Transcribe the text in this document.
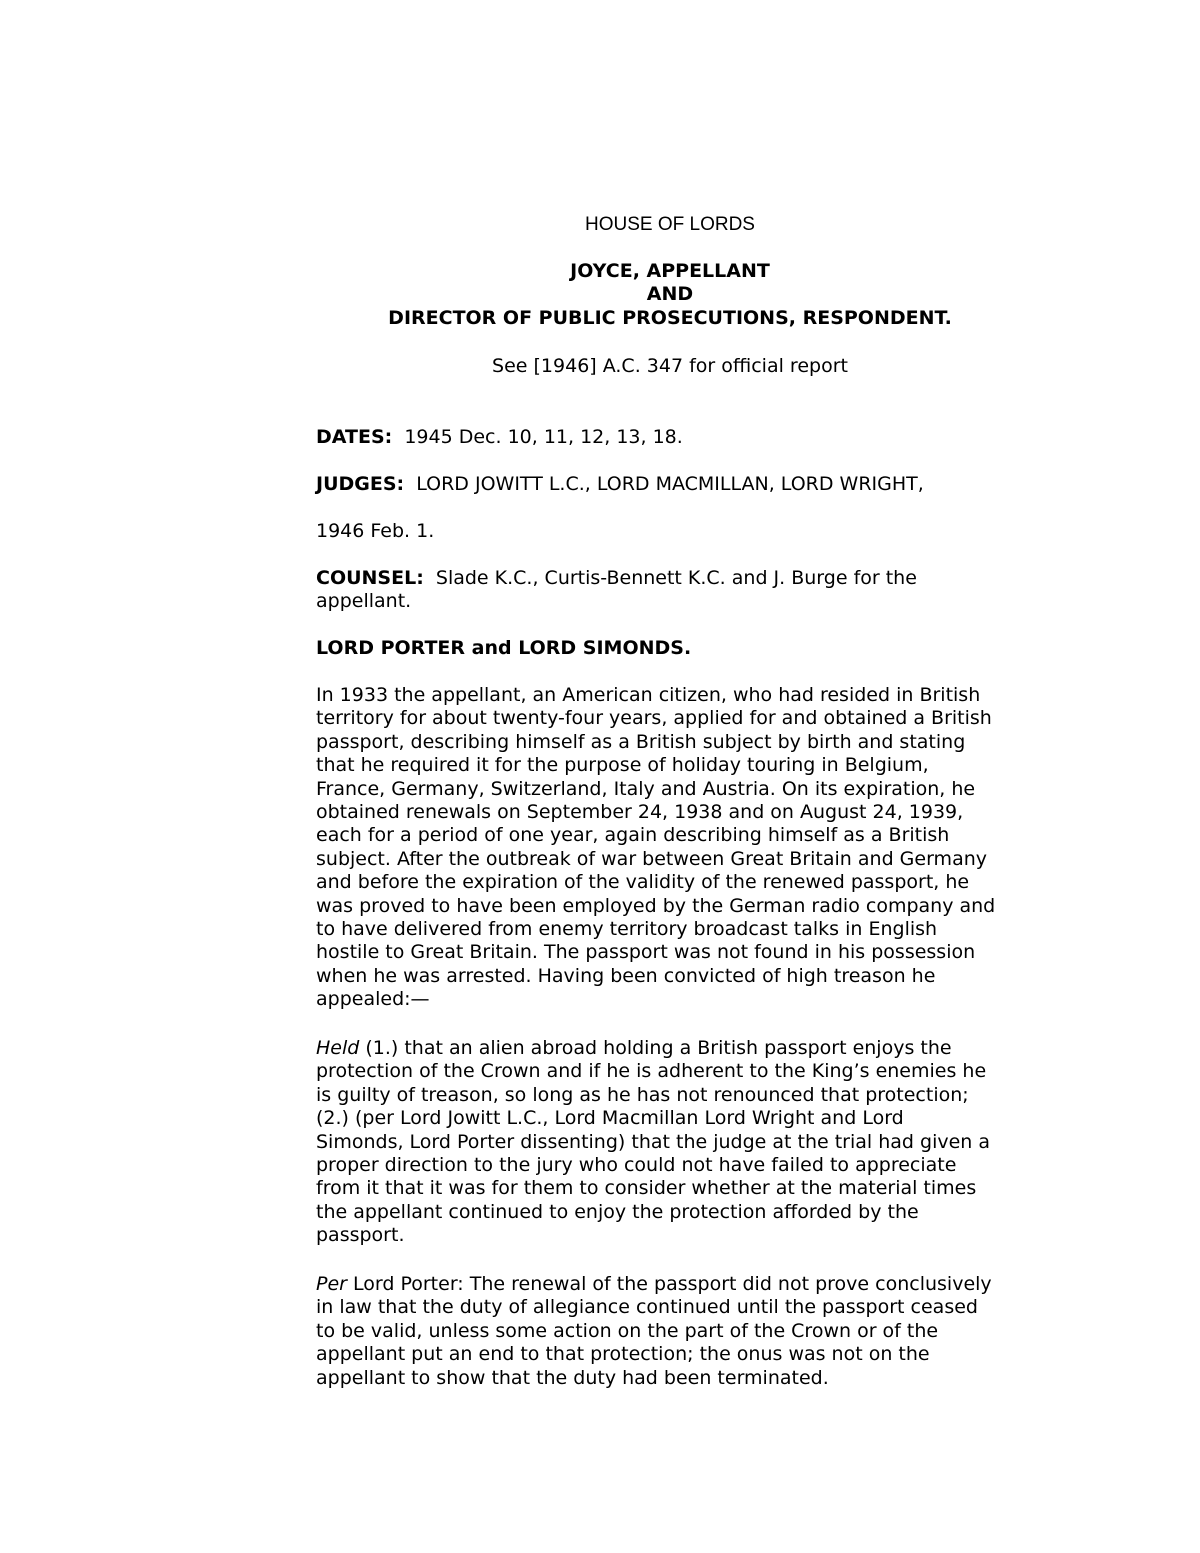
HOUSE OF LORDS

JOYCE, APPELLANT
AND
DIRECTOR OF PUBLIC PROSECUTIONS, RESPONDENT.

See [1946] A.C. 347 for official report

DATES: 1945 Dec. 10, 11, 12, 13, 18.

JUDGES: LORD JOWITT L.C., LORD MACMILLAN, LORD WRIGHT,

1946 Feb. 1.

COUNSEL: Slade K.C., Curtis-Bennett K.C. and J. Burge for the
appellant.

LORD PORTER and LORD SIMONDS.

In 1933 the appellant, an American citizen, who had resided in British
territory for about twenty-four years, applied for and obtained a British
passport, describing himself as a British subject by birth and stating
that he required it for the purpose of holiday touring in Belgium,
France, Germany, Switzerland, Italy and Austria. On its expiration, he
obtained renewals on September 24, 1938 and on August 24, 1939,
each for a period of one year, again describing himself as a British
subject. After the outbreak of war between Great Britain and Germany
and before the expiration of the validity of the renewed passport, he
was proved to have been employed by the German radio company and
to have delivered from enemy territory broadcast talks in English
hostile to Great Britain. The passport was not found in his possession
when he was arrested. Having been convicted of high treason he
appealed:—
Held (1.) that an alien abroad holding a British passport enjoys the
protection of the Crown and if he is adherent to the King’s enemies he
is guilty of treason, so long as he has not renounced that protection;
(2.) (per Lord Jowitt L.C., Lord Macmillan Lord Wright and Lord
Simonds, Lord Porter dissenting) that the judge at the trial had given a
proper direction to the jury who could not have failed to appreciate
from it that it was for them to consider whether at the material times
the appellant continued to enjoy the protection afforded by the
passport.
Per Lord Porter: The renewal of the passport did not prove conclusively
in law that the duty of allegiance continued until the passport ceased
to be valid, unless some action on the part of the Crown or of the
appellant put an end to that protection; the onus was not on the
appellant to show that the duty had been terminated.
